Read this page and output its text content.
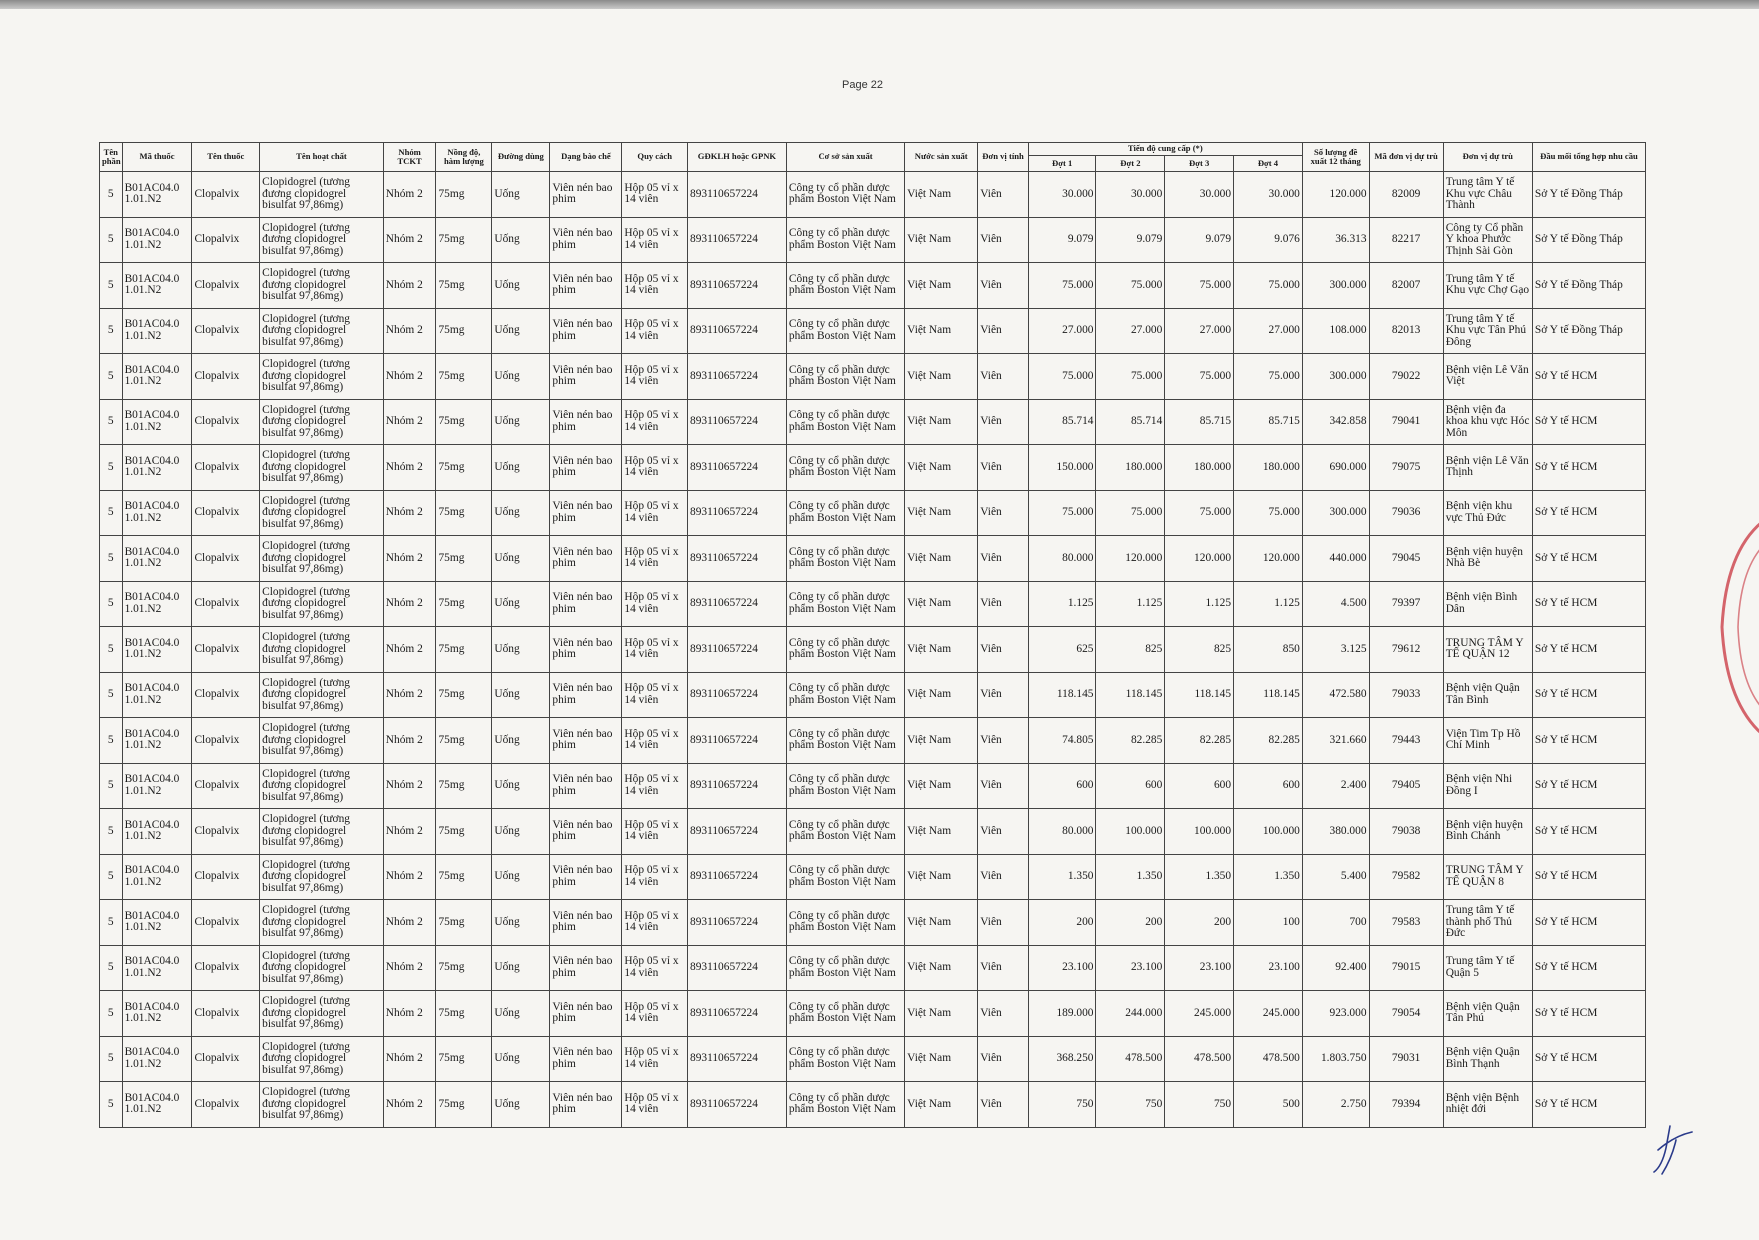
Page 22
Tên phần	Mã thuốc	Tên thuốc	Tên hoạt chất	Nhóm TCKT	Nồng độ, hàm lượng	Đường dùng	Dạng bào chế	Quy cách	GĐKLH hoặc GPNK	Cơ sở sản xuất	Nước sản xuất	Đơn vị tính	Tiến độ cung cấp (*)				Số lượng đề xuất 12 tháng	Mã đơn vị dự trù	Đơn vị dự trù	Đầu mối tổng hợp nhu cầu
													Đợt 1	Đợt 2	Đợt 3	Đợt 4				
5	B01AC04.0 1.01.N2	Clopalvix	Clopidogrel (tương đương clopidogrel bisulfat 97,86mg)	Nhóm 2	75mg	Uống	Viên nén bao phim	Hộp 05 vỉ x 14 viên	893110657224	Công ty cổ phần dược phẩm Boston Việt Nam	Việt Nam	Viên	30.000	30.000	30.000	30.000	120.000	82009	Trung tâm Y tế Khu vực Châu Thành	Sở Y tế Đồng Tháp
5	B01AC04.0 1.01.N2	Clopalvix	Clopidogrel (tương đương clopidogrel bisulfat 97,86mg)	Nhóm 2	75mg	Uống	Viên nén bao phim	Hộp 05 vỉ x 14 viên	893110657224	Công ty cổ phần dược phẩm Boston Việt Nam	Việt Nam	Viên	9.079	9.079	9.079	9.076	36.313	82217	Công ty Cổ phần Y khoa Phước Thịnh Sài Gòn	Sở Y tế Đồng Tháp
5	B01AC04.0 1.01.N2	Clopalvix	Clopidogrel (tương đương clopidogrel bisulfat 97,86mg)	Nhóm 2	75mg	Uống	Viên nén bao phim	Hộp 05 vỉ x 14 viên	893110657224	Công ty cổ phần dược phẩm Boston Việt Nam	Việt Nam	Viên	75.000	75.000	75.000	75.000	300.000	82007	Trung tâm Y tế Khu vực Chợ Gạo	Sở Y tế Đồng Tháp
5	B01AC04.0 1.01.N2	Clopalvix	Clopidogrel (tương đương clopidogrel bisulfat 97,86mg)	Nhóm 2	75mg	Uống	Viên nén bao phim	Hộp 05 vỉ x 14 viên	893110657224	Công ty cổ phần dược phẩm Boston Việt Nam	Việt Nam	Viên	27.000	27.000	27.000	27.000	108.000	82013	Trung tâm Y tế Khu vực Tân Phú Đông	Sở Y tế Đồng Tháp
5	B01AC04.0 1.01.N2	Clopalvix	Clopidogrel (tương đương clopidogrel bisulfat 97,86mg)	Nhóm 2	75mg	Uống	Viên nén bao phim	Hộp 05 vỉ x 14 viên	893110657224	Công ty cổ phần dược phẩm Boston Việt Nam	Việt Nam	Viên	75.000	75.000	75.000	75.000	300.000	79022	Bệnh viện Lê Văn Việt	Sở Y tế HCM
5	B01AC04.0 1.01.N2	Clopalvix	Clopidogrel (tương đương clopidogrel bisulfat 97,86mg)	Nhóm 2	75mg	Uống	Viên nén bao phim	Hộp 05 vỉ x 14 viên	893110657224	Công ty cổ phần dược phẩm Boston Việt Nam	Việt Nam	Viên	85.714	85.714	85.715	85.715	342.858	79041	Bệnh viện đa khoa khu vực Hóc Môn	Sở Y tế HCM
5	B01AC04.0 1.01.N2	Clopalvix	Clopidogrel (tương đương clopidogrel bisulfat 97,86mg)	Nhóm 2	75mg	Uống	Viên nén bao phim	Hộp 05 vỉ x 14 viên	893110657224	Công ty cổ phần dược phẩm Boston Việt Nam	Việt Nam	Viên	150.000	180.000	180.000	180.000	690.000	79075	Bệnh viện Lê Văn Thịnh	Sở Y tế HCM
5	B01AC04.0 1.01.N2	Clopalvix	Clopidogrel (tương đương clopidogrel bisulfat 97,86mg)	Nhóm 2	75mg	Uống	Viên nén bao phim	Hộp 05 vỉ x 14 viên	893110657224	Công ty cổ phần dược phẩm Boston Việt Nam	Việt Nam	Viên	75.000	75.000	75.000	75.000	300.000	79036	Bệnh viện khu vực Thủ Đức	Sở Y tế HCM
5	B01AC04.0 1.01.N2	Clopalvix	Clopidogrel (tương đương clopidogrel bisulfat 97,86mg)	Nhóm 2	75mg	Uống	Viên nén bao phim	Hộp 05 vỉ x 14 viên	893110657224	Công ty cổ phần dược phẩm Boston Việt Nam	Việt Nam	Viên	80.000	120.000	120.000	120.000	440.000	79045	Bệnh viện huyện Nhà Bè	Sở Y tế HCM
5	B01AC04.0 1.01.N2	Clopalvix	Clopidogrel (tương đương clopidogrel bisulfat 97,86mg)	Nhóm 2	75mg	Uống	Viên nén bao phim	Hộp 05 vỉ x 14 viên	893110657224	Công ty cổ phần dược phẩm Boston Việt Nam	Việt Nam	Viên	1.125	1.125	1.125	1.125	4.500	79397	Bệnh viện Bình Dân	Sở Y tế HCM
5	B01AC04.0 1.01.N2	Clopalvix	Clopidogrel (tương đương clopidogrel bisulfat 97,86mg)	Nhóm 2	75mg	Uống	Viên nén bao phim	Hộp 05 vỉ x 14 viên	893110657224	Công ty cổ phần dược phẩm Boston Việt Nam	Việt Nam	Viên	625	825	825	850	3.125	79612	TRUNG TÂM Y TẾ QUẬN 12	Sở Y tế HCM
5	B01AC04.0 1.01.N2	Clopalvix	Clopidogrel (tương đương clopidogrel bisulfat 97,86mg)	Nhóm 2	75mg	Uống	Viên nén bao phim	Hộp 05 vỉ x 14 viên	893110657224	Công ty cổ phần dược phẩm Boston Việt Nam	Việt Nam	Viên	118.145	118.145	118.145	118.145	472.580	79033	Bệnh viện Quận Tân Bình	Sở Y tế HCM
5	B01AC04.0 1.01.N2	Clopalvix	Clopidogrel (tương đương clopidogrel bisulfat 97,86mg)	Nhóm 2	75mg	Uống	Viên nén bao phim	Hộp 05 vỉ x 14 viên	893110657224	Công ty cổ phần dược phẩm Boston Việt Nam	Việt Nam	Viên	74.805	82.285	82.285	82.285	321.660	79443	Viện Tim Tp Hồ Chí Minh	Sở Y tế HCM
5	B01AC04.0 1.01.N2	Clopalvix	Clopidogrel (tương đương clopidogrel bisulfat 97,86mg)	Nhóm 2	75mg	Uống	Viên nén bao phim	Hộp 05 vỉ x 14 viên	893110657224	Công ty cổ phần dược phẩm Boston Việt Nam	Việt Nam	Viên	600	600	600	600	2.400	79405	Bệnh viện Nhi Đồng I	Sở Y tế HCM
5	B01AC04.0 1.01.N2	Clopalvix	Clopidogrel (tương đương clopidogrel bisulfat 97,86mg)	Nhóm 2	75mg	Uống	Viên nén bao phim	Hộp 05 vỉ x 14 viên	893110657224	Công ty cổ phần dược phẩm Boston Việt Nam	Việt Nam	Viên	80.000	100.000	100.000	100.000	380.000	79038	Bệnh viện huyện Bình Chánh	Sở Y tế HCM
5	B01AC04.0 1.01.N2	Clopalvix	Clopidogrel (tương đương clopidogrel bisulfat 97,86mg)	Nhóm 2	75mg	Uống	Viên nén bao phim	Hộp 05 vỉ x 14 viên	893110657224	Công ty cổ phần dược phẩm Boston Việt Nam	Việt Nam	Viên	1.350	1.350	1.350	1.350	5.400	79582	TRUNG TÂM Y TẾ QUẬN 8	Sở Y tế HCM
5	B01AC04.0 1.01.N2	Clopalvix	Clopidogrel (tương đương clopidogrel bisulfat 97,86mg)	Nhóm 2	75mg	Uống	Viên nén bao phim	Hộp 05 vỉ x 14 viên	893110657224	Công ty cổ phần dược phẩm Boston Việt Nam	Việt Nam	Viên	200	200	200	100	700	79583	Trung tâm Y tế thành phố Thủ Đức	Sở Y tế HCM
5	B01AC04.0 1.01.N2	Clopalvix	Clopidogrel (tương đương clopidogrel bisulfat 97,86mg)	Nhóm 2	75mg	Uống	Viên nén bao phim	Hộp 05 vỉ x 14 viên	893110657224	Công ty cổ phần dược phẩm Boston Việt Nam	Việt Nam	Viên	23.100	23.100	23.100	23.100	92.400	79015	Trung tâm Y tế Quận 5	Sở Y tế HCM
5	B01AC04.0 1.01.N2	Clopalvix	Clopidogrel (tương đương clopidogrel bisulfat 97,86mg)	Nhóm 2	75mg	Uống	Viên nén bao phim	Hộp 05 vỉ x 14 viên	893110657224	Công ty cổ phần dược phẩm Boston Việt Nam	Việt Nam	Viên	189.000	244.000	245.000	245.000	923.000	79054	Bệnh viện Quận Tân Phú	Sở Y tế HCM
5	B01AC04.0 1.01.N2	Clopalvix	Clopidogrel (tương đương clopidogrel bisulfat 97,86mg)	Nhóm 2	75mg	Uống	Viên nén bao phim	Hộp 05 vỉ x 14 viên	893110657224	Công ty cổ phần dược phẩm Boston Việt Nam	Việt Nam	Viên	368.250	478.500	478.500	478.500	1.803.750	79031	Bệnh viện Quận Bình Thạnh	Sở Y tế HCM
5	B01AC04.0 1.01.N2	Clopalvix	Clopidogrel (tương đương clopidogrel bisulfat 97,86mg)	Nhóm 2	75mg	Uống	Viên nén bao phim	Hộp 05 vỉ x 14 viên	893110657224	Công ty cổ phần dược phẩm Boston Việt Nam	Việt Nam	Viên	750	750	750	500	2.750	79394	Bệnh viện Bệnh nhiệt đới	Sở Y tế HCM
